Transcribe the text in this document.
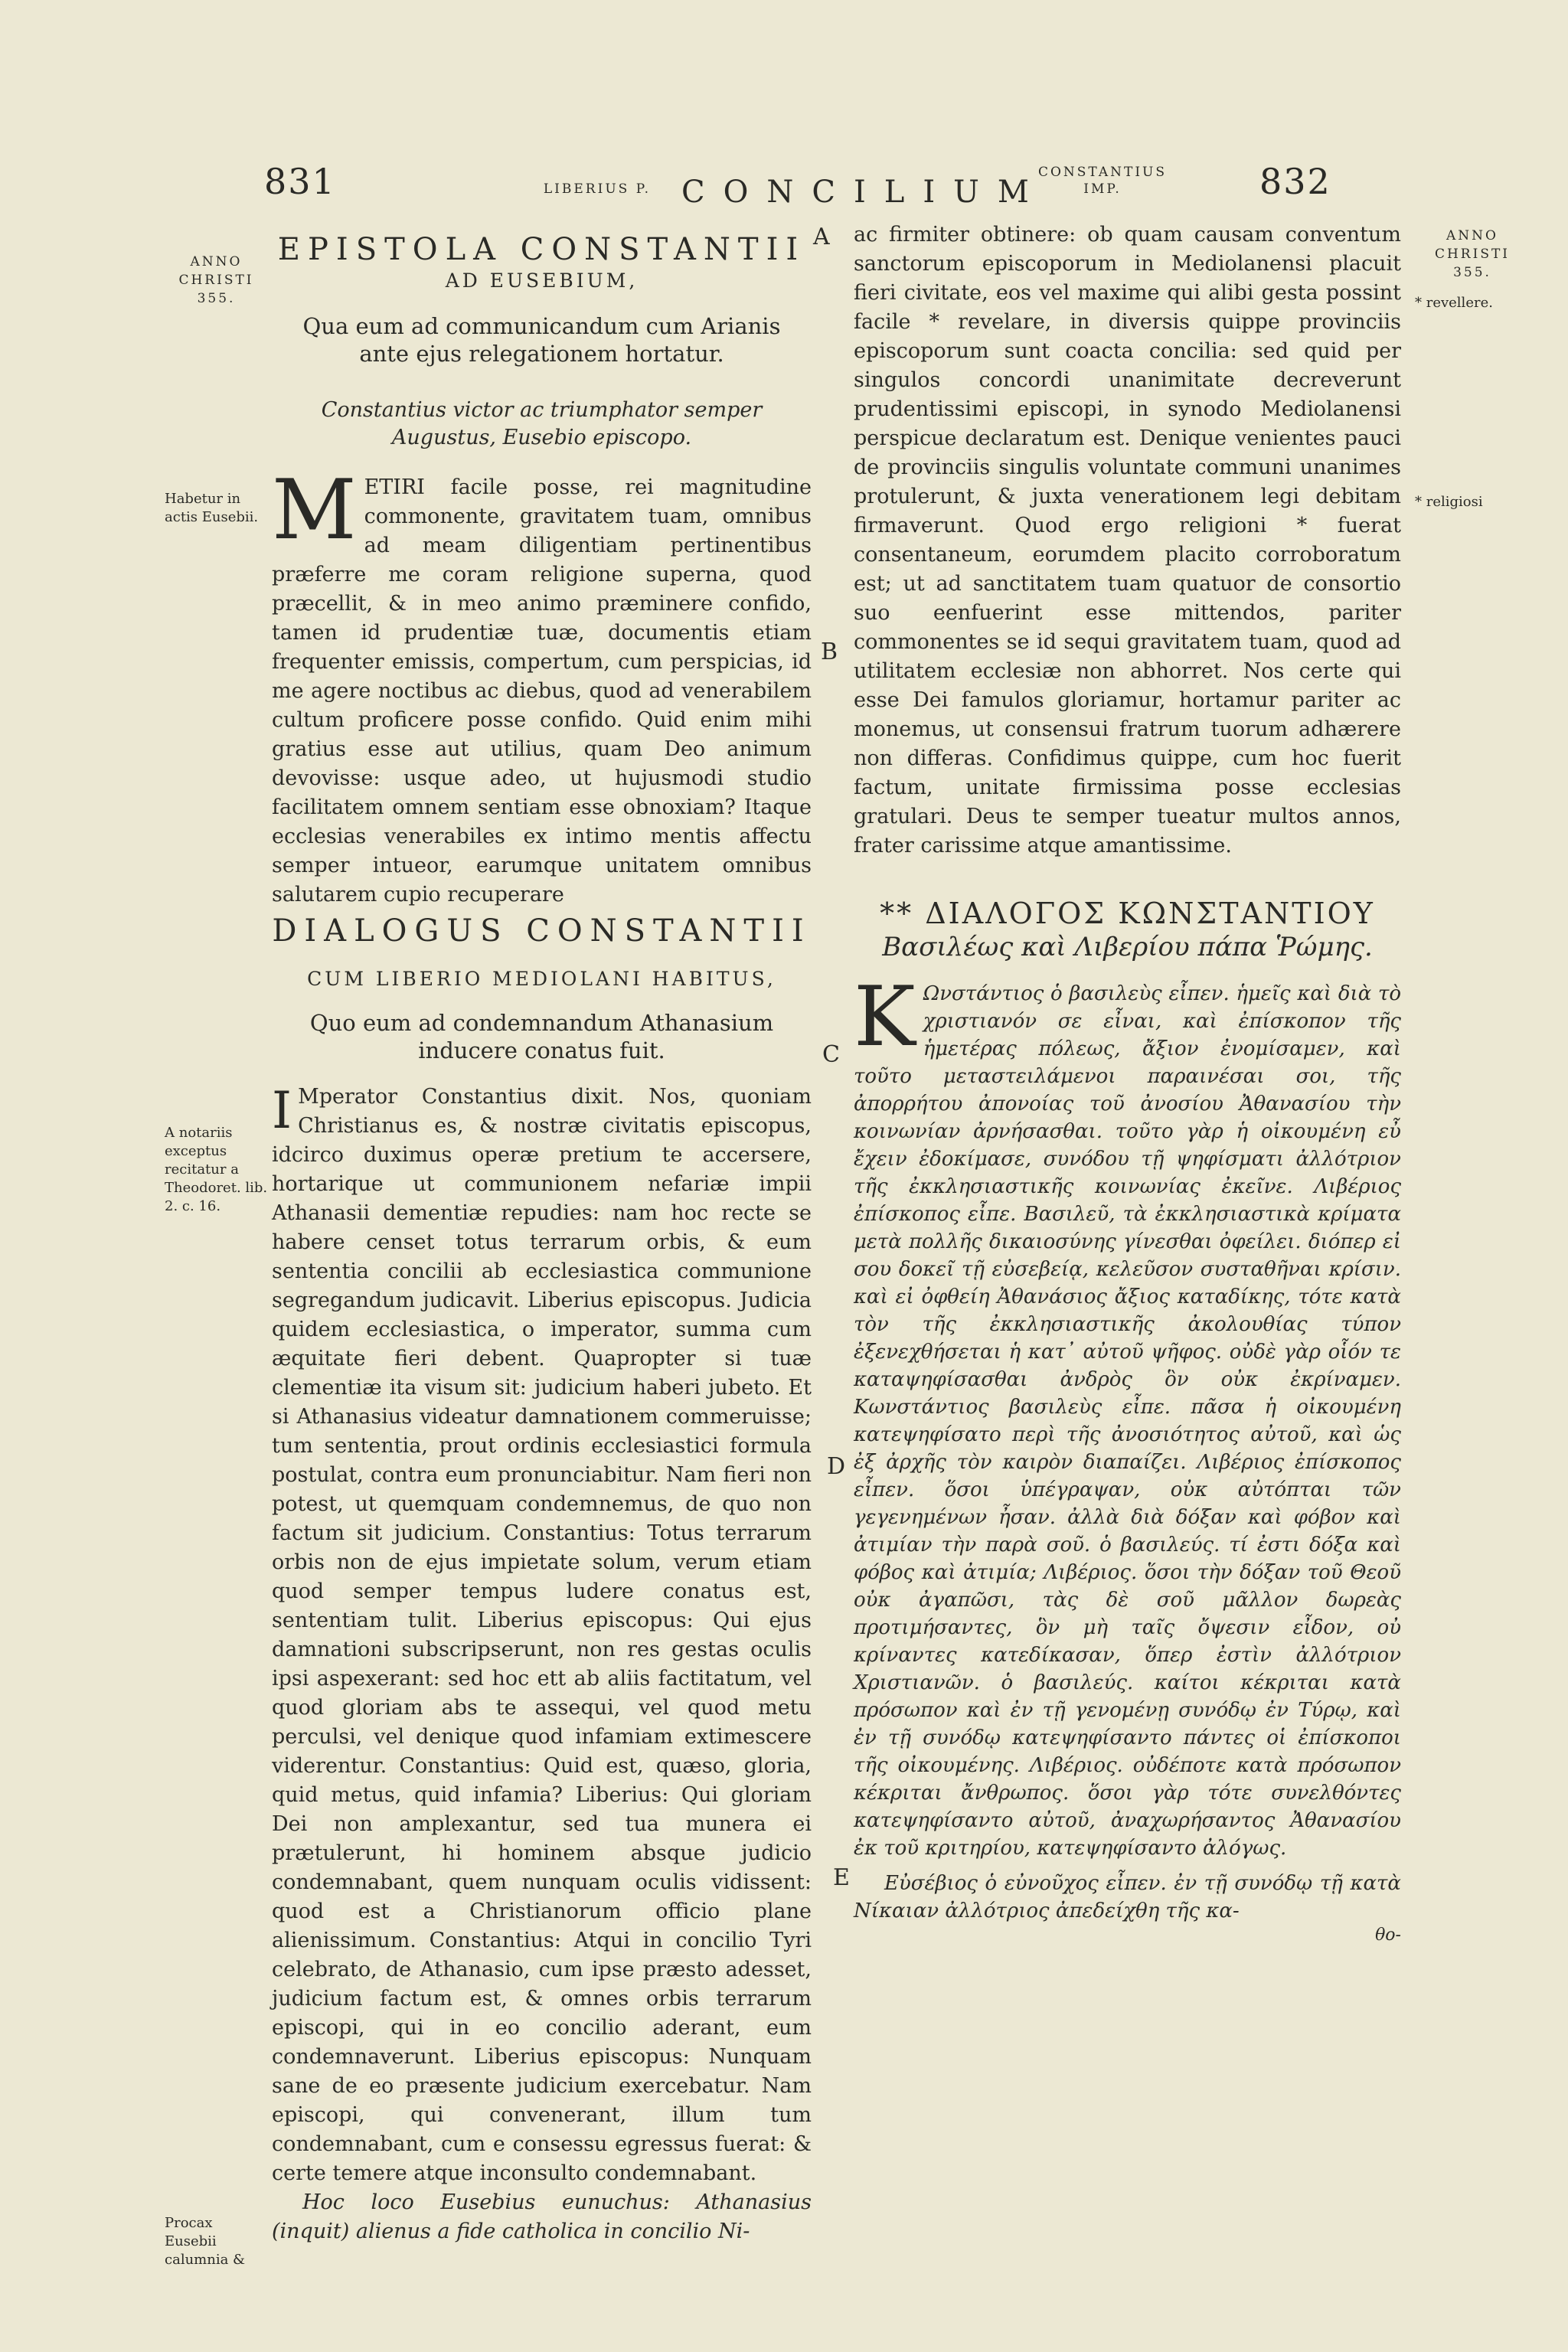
831	LIBERIUS P. CONCILIUM
CONSTANTIUS IMP.	832
ANNO CHRISTI 355.
Habetur in actis Eusebii.
A notariis exceptus recitatur a Theodoret. lib. 2. c. 16.
Procax Eusebii calumnia &
ANNO CHRISTI 355.
* revellere.
* religiosi
A
B
C
D
E
EPISTOLA CONSTANTII
AD EUSEBIUM,
Qua eum ad communicandum cum Arianis ante ejus relegationem hortatur.
Constantius victor ac triumphator semper Augustus, Eusebio episcopo.

M ETIRI facile posse, rei magnitudine commonente, gravitatem tuam, omnibus ad meam diligentiam pertinentibus præferre me coram religione superna, quod præcellit, & in meo animo præminere confido, tamen id prudentiæ tuæ, documentis etiam frequenter emissis, compertum, cum perspicias, id me agere noctibus ac diebus, quod ad venerabilem cultum proficere posse confido. Quid enim mihi gratius esse aut utilius, quam Deo animum devovisse: usque adeo, ut hujusmodi studio facilitatem omnem sentiam esse obnoxiam? Itaque ecclesias venerabiles ex intimo mentis affectu semper intueor, earumque unitatem omnibus salutarem cupio recuperare

DIALOGUS CONSTANTII
CUM LIBERIO MEDIOLANI HABITUS,
Quo eum ad condemnandum Athanasium inducere conatus fuit.

I Mperator Constantius dixit. Nos, quoniam Christianus es, & nostræ civitatis episcopus, idcirco duximus operæ pretium te accersere, hortarique ut communionem nefariæ impii Athanasii dementiæ repudies: nam hoc recte se habere censet totus terrarum orbis, & eum sententia concilii ab ecclesiastica communione segregandum judicavit. Liberius episcopus. Judicia quidem ecclesiastica, o imperator, summa cum æquitate fieri debent. Quapropter si tuæ clementiæ ita visum sit: judicium haberi jubeto. Et si Athanasius videatur damnationem commeruisse; tum sententia, prout ordinis ecclesiastici formula postulat, contra eum pronunciabitur. Nam fieri non potest, ut quemquam condemnemus, de quo non factum sit judicium. Constantius: Totus terrarum orbis non de ejus impietate solum, verum etiam quod semper tempus ludere conatus est, sententiam tulit. Liberius episcopus: Qui ejus damnationi subscripserunt, non res gestas oculis ipsi aspexerant: sed hoc ett ab aliis factitatum, vel quod gloriam abs te assequi, vel quod metu perculsi, vel denique quod infamiam extimescere viderentur. Constantius: Quid est, quæso, gloria, quid metus, quid infamia? Liberius: Qui gloriam Dei non amplexantur, sed tua munera ei prætulerunt, hi hominem absque judicio condemnabant, quem nunquam oculis vidissent: quod est a Christianorum officio plane alienissimum. Constantius: Atqui in concilio Tyri celebrato, de Athanasio, cum ipse præsto adesset, judicium factum est, & omnes orbis terrarum episcopi, qui in eo concilio aderant, eum condemnaverunt. Liberius episcopus: Nunquam sane de eo præsente judicium exercebatur. Nam episcopi, qui convenerant, illum tum condemnabant, cum e consessu egressus fuerat: & certe temere atque inconsulto condemnabant.

Hoc loco Eusebius eunuchus: Athanasius (inquit) alienus a fide catholica in concilio Ni-

ac firmiter obtinere: ob quam causam conventum sanctorum episcoporum in Mediolanensi placuit fieri civitate, eos vel maxime qui alibi gesta possint facile * revelare, in diversis quippe provinciis episcoporum sunt coacta concilia: sed quid per singulos concordi unanimitate decreverunt prudentissimi episcopi, in synodo Mediolanensi perspicue declaratum est. Denique venientes pauci de provinciis singulis voluntate communi unanimes protulerunt, & juxta venerationem legi debitam firmaverunt. Quod ergo religioni * fuerat consentaneum, eorumdem placito corroboratum est; ut ad sanctitatem tuam quatuor de consortio suo eenfuerint esse mittendos, pariter commonentes se id sequi gravitatem tuam, quod ad utilitatem ecclesiæ non abhorret. Nos certe qui esse Dei famulos gloriamur, hortamur pariter ac monemus, ut consensui fratrum tuorum adhærere non differas. Confidimus quippe, cum hoc fuerit factum, unitate firmissima posse ecclesias gratulari. Deus te semper tueatur multos annos, frater carissime atque amantissime.

** ΔΙΑΛΟΓΟΣ ΚΩΝΣΤΑΝΤΙΟΥ
Βασιλέως καὶ Λιβερίου πάπα Ῥώμης.

K Ωνστάντιος ὁ βασιλεὺς εἶπεν. ἡμεῖς καὶ διὰ τὸ χριστιανόν σε εἶναι, καὶ ἐπίσκοπον τῆς ἡμετέρας πόλεως, ἄξιον ἐνομίσαμεν, καὶ τοῦτο μεταστειλάμενοι παραινέσαι σοι, τῆς ἀπορρήτου ἀπονοίας τοῦ ἀνοσίου Ἀθανασίου τὴν κοινωνίαν ἀρνήσασθαι. τοῦτο γὰρ ἡ οἰκουμένη εὖ ἔχειν ἐδοκίμασε, συνόδου τῇ ψηφίσματι ἀλλότριον τῆς ἐκκλησιαστικῆς κοινωνίας ἐκεῖνε. Λιβέριος ἐπίσκοπος εἶπε. Βασιλεῦ, τὰ ἐκκλησιαστικὰ κρίματα μετὰ πολλῆς δικαιοσύνης γίνεσθαι ὀφείλει. διόπερ εἰ σου δοκεῖ τῇ εὐσεβείᾳ, κελεῦσον συσταθῆναι κρίσιν. καὶ εἰ ὀφθείη Ἀθανάσιος ἄξιος καταδίκης, τότε κατὰ τὸν τῆς ἐκκλησιαστικῆς ἀκολουθίας τύπον ἐξενεχθήσεται ἡ κατ᾽ αὐτοῦ ψῆφος. οὐδὲ γὰρ οἷόν τε καταψηφίσασθαι ἀνδρὸς ὃν οὐκ ἐκρίναμεν. Κωνστάντιος βασιλεὺς εἶπε. πᾶσα ἡ οἰκουμένη κατεψηφίσατο περὶ τῆς ἀνοσιότητος αὐτοῦ, καὶ ὡς ἐξ ἀρχῆς τὸν καιρὸν διαπαίζει. Λιβέριος ἐπίσκοπος εἶπεν. ὅσοι ὑπέγραψαν, οὐκ αὐτόπται τῶν γεγενημένων ἦσαν. ἀλλὰ διὰ δόξαν καὶ φόβον καὶ ἀτιμίαν τὴν παρὰ σοῦ. ὁ βασιλεύς. τί ἐστι δόξα καὶ φόβος καὶ ἀτιμία; Λιβέριος. ὅσοι τὴν δόξαν τοῦ Θεοῦ οὐκ ἀγαπῶσι, τὰς δὲ σοῦ μᾶλλον δωρεὰς προτιμήσαντες, ὃν μὴ ταῖς ὄψεσιν εἶδον, οὐ κρίναντες κατεδίκασαν, ὅπερ ἐστὶν ἀλλότριον Χριστιανῶν. ὁ βασιλεύς. καίτοι κέκριται κατὰ πρόσωπον καὶ ἐν τῇ γενομένῃ συνόδῳ ἐν Τύρῳ, καὶ ἐν τῇ συνόδῳ κατεψηφίσαντο πάντες οἱ ἐπίσκοποι τῆς οἰκουμένης. Λιβέριος. οὐδέποτε κατὰ πρόσωπον κέκριται ἄνθρωπος. ὅσοι γὰρ τότε συνελθόντες κατεψηφίσαντο αὐτοῦ, ἀναχωρήσαντος Ἀθανασίου ἐκ τοῦ κριτηρίου, κατεψηφίσαντο ἀλόγως.

Εὐσέβιος ὁ εὐνοῦχος εἶπεν. ἐν τῇ συνόδῳ τῇ κατὰ Νίκαιαν ἀλλότριος ἀπεδείχθη τῆς κα-

θο-
